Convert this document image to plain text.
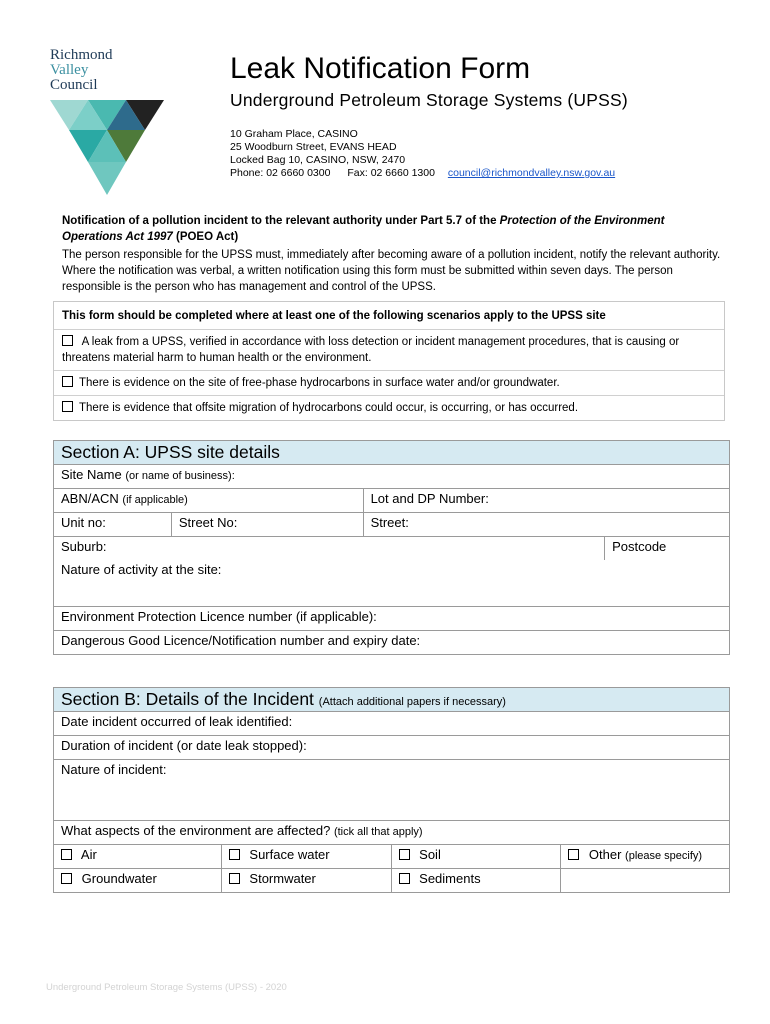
Richmond
Valley
Council	Leak Notification Form
Underground Petroleum Storage Systems (UPSS)
10 Graham Place, CASINO
25 Woodburn Street, EVANS HEAD
Locked Bag 10, CASINO, NSW, 2470
Phone: 02 6660 0300 Fax: 02 6660 1300 council@richmondvalley.nsw.gov.au

Notification of a pollution incident to the relevant authority under Part 5.7 of the Protection of the Environment Operations Act 1997 (POEO Act)

The person responsible for the UPSS must, immediately after becoming aware of a pollution incident, notify the relevant authority. Where the notification was verbal, a written notification using this form must be submitted within seven days. The person responsible is the person who has management and control of the UPSS.

This form should be completed where at least one of the following scenarios apply to the UPSS site
A leak from a UPSS, verified in accordance with loss detection or incident management procedures, that is causing or threatens material harm to human health or the environment.
There is evidence on the site of free-phase hydrocarbons in surface water and/or groundwater.
There is evidence that offsite migration of hydrocarbons could occur, is occurring, or has occurred.
Section A: UPSS site details			
Site Name (or name of business):			
ABN/ACN (if applicable)		Lot and DP Number:	
Unit no:	Street No:	Street:	
Suburb:			Postcode
Nature of activity at the site:			
Environment Protection Licence number (if applicable):			
Dangerous Good Licence/Notification number and expiry date:			
Section B: Details of the Incident (Attach additional papers if necessary)			
Date incident occurred of leak identified:			
Duration of incident (or date leak stopped):			
Nature of incident:			
What aspects of the environment are affected? (tick all that apply)			
Air	Surface water	Soil	Other (please specify)
Groundwater	Stormwater	Sediments	
Underground Petroleum Storage Systems (UPSS) - 2020
